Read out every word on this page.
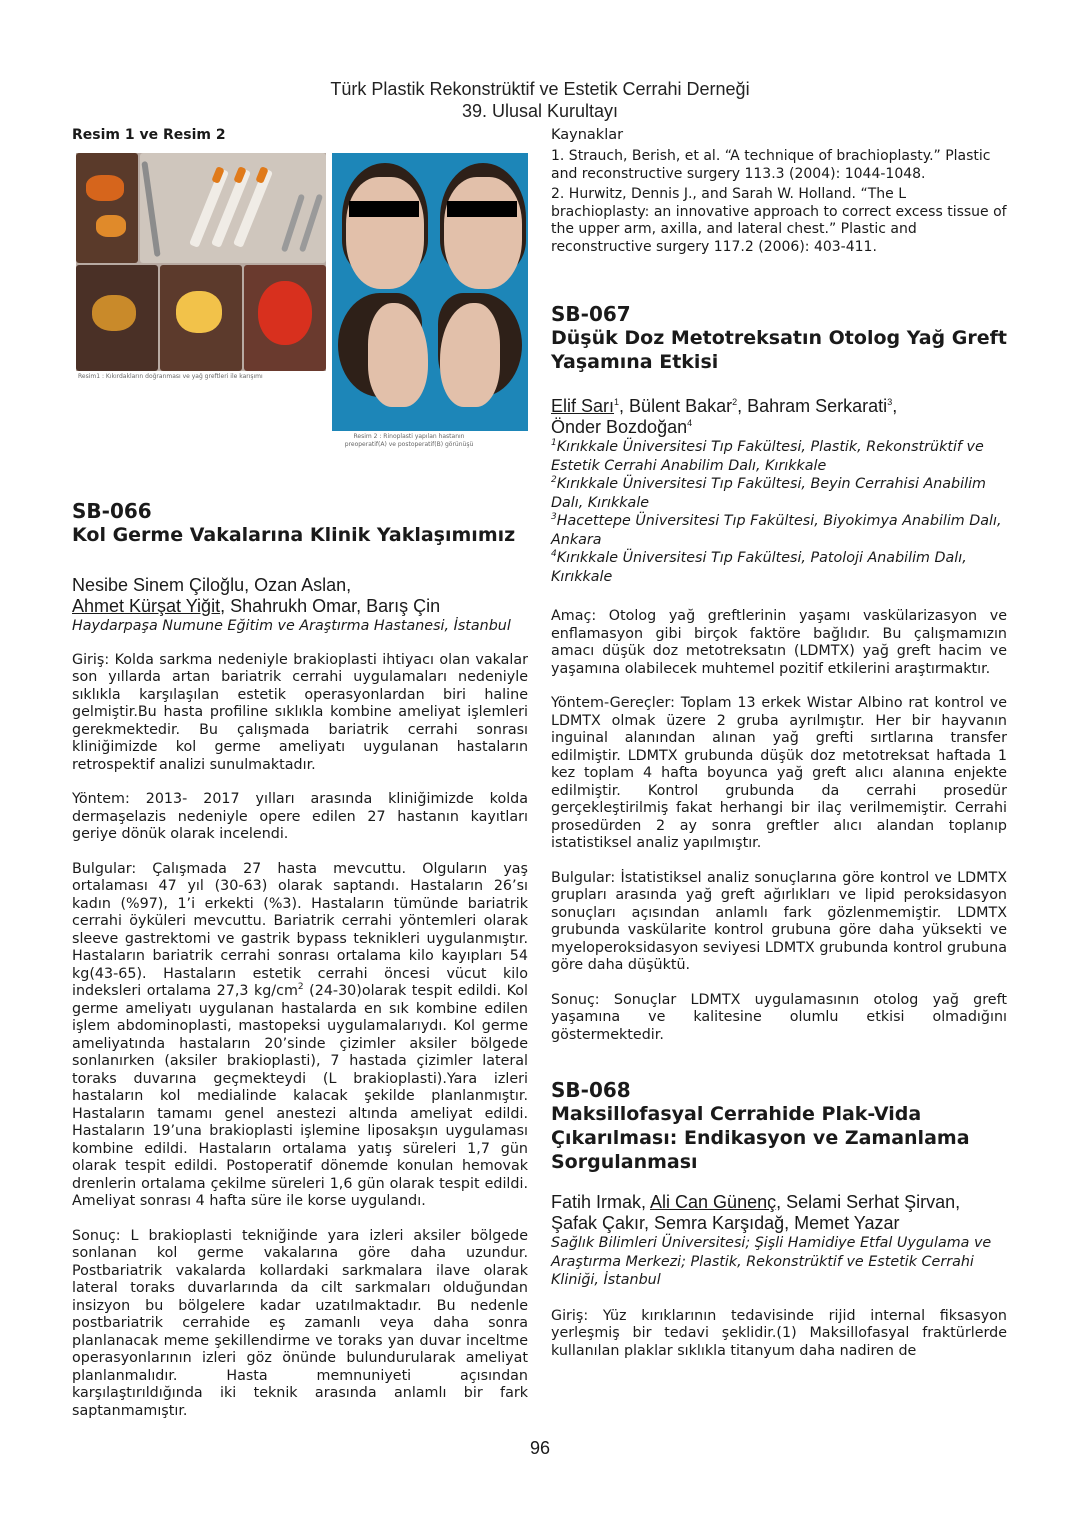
Türk Plastik Rekonstrüktif ve Estetik Cerrahi Derneği
39. Ulusal Kurultayı
Resim 1 ve Resim 2
Resim1 : Kıkırdakların doğranması ve yağ greftleri ile karışımı
Resim 2 : Rinoplasti yapılan hastanın preoperatif(A) ve postoperatif(B) görünüşü
SB-066
Kol Germe Vakalarına Klinik Yaklaşımımız

Nesibe Sinem Çiloğlu, Ozan Aslan,
Ahmet Kürşat Yiğit, Shahrukh Omar, Barış Çin

Haydarpaşa Numune Eğitim ve Araştırma Hastanesi, İstanbul

Giriş: Kolda sarkma nedeniyle brakioplasti ihtiyacı olan vakalar son yıllarda artan bariatrik cerrahi uygulamaları nedeniyle sıklıkla karşılaşılan estetik operasyonlardan biri haline gelmiştir.Bu hasta profiline sıklıkla kombine ameliyat işlemleri gerekmektedir. Bu çalışmada bariatrik cerrahi sonrası kliniğimizde kol germe ameliyatı uygulanan hastaların retrospektif analizi sunulmaktadır.

Yöntem: 2013- 2017 yılları arasında kliniğimizde kolda dermaşelazis nedeniyle opere edilen 27 hastanın kayıtları geriye dönük olarak incelendi.

Bulgular: Çalışmada 27 hasta mevcuttu. Olguların yaş ortalaması 47 yıl (30-63) olarak saptandı. Hastaların 26’sı kadın (%97), 1’i erkekti (%3). Hastaların tümünde bariatrik cerrahi öyküleri mevcuttu. Bariatrik cerrahi yöntemleri olarak sleeve gastrektomi ve gastrik bypass teknikleri uygulanmıştır. Hastaların bariatrik cerrahi sonrası ortalama kilo kayıpları 54 kg(43-65). Hastaların estetik cerrahi öncesi vücut kilo indeksleri ortalama 27,3 $kg/cm^2$ (24-30)olarak tespit edildi. Kol germe ameliyatı uygulanan hastalarda en sık kombine edilen işlem abdominoplasti, mastopeksi uygulamalarıydı. Kol germe ameliyatında hastaların 20’sinde çizimler aksiler bölgede sonlanırken (aksiler brakioplasti), 7 hastada çizimler lateral toraks duvarına geçmekteydi (L brakioplasti).Yara izleri hastaların kol medialinde kalacak şekilde planlanmıştır. Hastaların tamamı genel anestezi altında ameliyat edildi. Hastaların 19’una brakioplasti işlemine liposakşın uygulaması kombine edildi. Hastaların ortalama yatış süreleri 1,7 gün olarak tespit edildi. Postoperatif dönemde konulan hemovak drenlerin ortalama çekilme süreleri 1,6 gün olarak tespit edildi. Ameliyat sonrası 4 hafta süre ile korse uygulandı.

Sonuç: L brakioplasti tekniğinde yara izleri aksiler bölgede sonlanan kol germe vakalarına göre daha uzundur. Postbariatrik vakalarda kollardaki sarkmalara ilave olarak lateral toraks duvarlarında da cilt sarkmaları olduğundan insizyon bu bölgelere kadar uzatılmaktadır. Bu nedenle postbariatrik cerrahide eş zamanlı veya daha sonra planlanacak meme şekillendirme ve toraks yan duvar inceltme operasyonlarının izleri göz önünde bulundurularak ameliyat planlanmalıdır. Hasta memnuniyeti açısından karşılaştırıldığında iki teknik arasında anlamlı bir fark saptanmamıştır.

Kaynaklar

1. Strauch, Berish, et al. “A technique of brachioplasty.” Plastic and reconstructive surgery 113.3 (2004): 1044-1048.

2. Hurwitz, Dennis J., and Sarah W. Holland. “The L brachioplasty: an innovative approach to correct excess tissue of the upper arm, axilla, and lateral chest.” Plastic and reconstructive surgery 117.2 (2006): 403-411.

SB-067
Düşük Doz Metotreksatın Otolog Yağ Greft Yaşamına Etkisi

Elif Sarı$^1$, Bülent Bakar$^2$, Bahram Serkarati$^3$,
Önder Bozdoğan$^4$

$^1$Kırıkkale Üniversitesi Tıp Fakültesi, Plastik, Rekonstrüktif ve Estetik Cerrahi Anabilim Dalı, Kırıkkale

$^2$Kırıkkale Üniversitesi Tıp Fakültesi, Beyin Cerrahisi Anabilim Dalı, Kırıkkale

$^3$Hacettepe Üniversitesi Tıp Fakültesi, Biyokimya Anabilim Dalı, Ankara

$^4$Kırıkkale Üniversitesi Tıp Fakültesi, Patoloji Anabilim Dalı, Kırıkkale

Amaç: Otolog yağ greftlerinin yaşamı vaskülarizasyon ve enflamasyon gibi birçok faktöre bağlıdır. Bu çalışmamızın amacı düşük doz metotreksatın (LDMTX) yağ greft hacim ve yaşamına olabilecek muhtemel pozitif etkilerini araştırmaktır.

Yöntem-Gereçler: Toplam 13 erkek Wistar Albino rat kontrol ve LDMTX olmak üzere 2 gruba ayrılmıştır. Her bir hayvanın inguinal alanından alınan yağ grefti sırtlarına transfer edilmiştir. LDMTX grubunda düşük doz metotreksat haftada 1 kez toplam 4 hafta boyunca yağ greft alıcı alanına enjekte edilmiştir. Kontrol grubunda da cerrahi prosedür gerçekleştirilmiş fakat herhangi bir ilaç verilmemiştir. Cerrahi prosedürden 2 ay sonra greftler alıcı alandan toplanıp istatistiksel analiz yapılmıştır.

Bulgular: İstatistiksel analiz sonuçlarına göre kontrol ve LDMTX grupları arasında yağ greft ağırlıkları ve lipid peroksidasyon sonuçları açısından anlamlı fark gözlenmemiştir. LDMTX grubunda vaskülarite kontrol grubuna göre daha yüksekti ve myeloperoksidasyon seviyesi LDMTX grubunda kontrol grubuna göre daha düşüktü.

Sonuç: Sonuçlar LDMTX uygulamasının otolog yağ greft yaşamına ve kalitesine olumlu etkisi olmadığını göstermektedir.

SB-068
Maksillofasyal Cerrahide Plak-Vida Çıkarılması: Endikasyon ve Zamanlama Sorgulanması

Fatih Irmak, Ali Can Günenç, Selami Serhat Şirvan, Şafak Çakır, Semra Karşıdağ, Memet Yazar

Sağlık Bilimleri Üniversitesi; Şişli Hamidiye Etfal Uygulama ve Araştırma Merkezi; Plastik, Rekonstrüktif ve Estetik Cerrahi Kliniği, İstanbul

Giriş: Yüz kırıklarının tedavisinde rijid internal fiksasyon yerleşmiş bir tedavi şeklidir.(1) Maksillofasyal fraktürlerde kullanılan plaklar sıklıkla titanyum daha nadiren de

96
